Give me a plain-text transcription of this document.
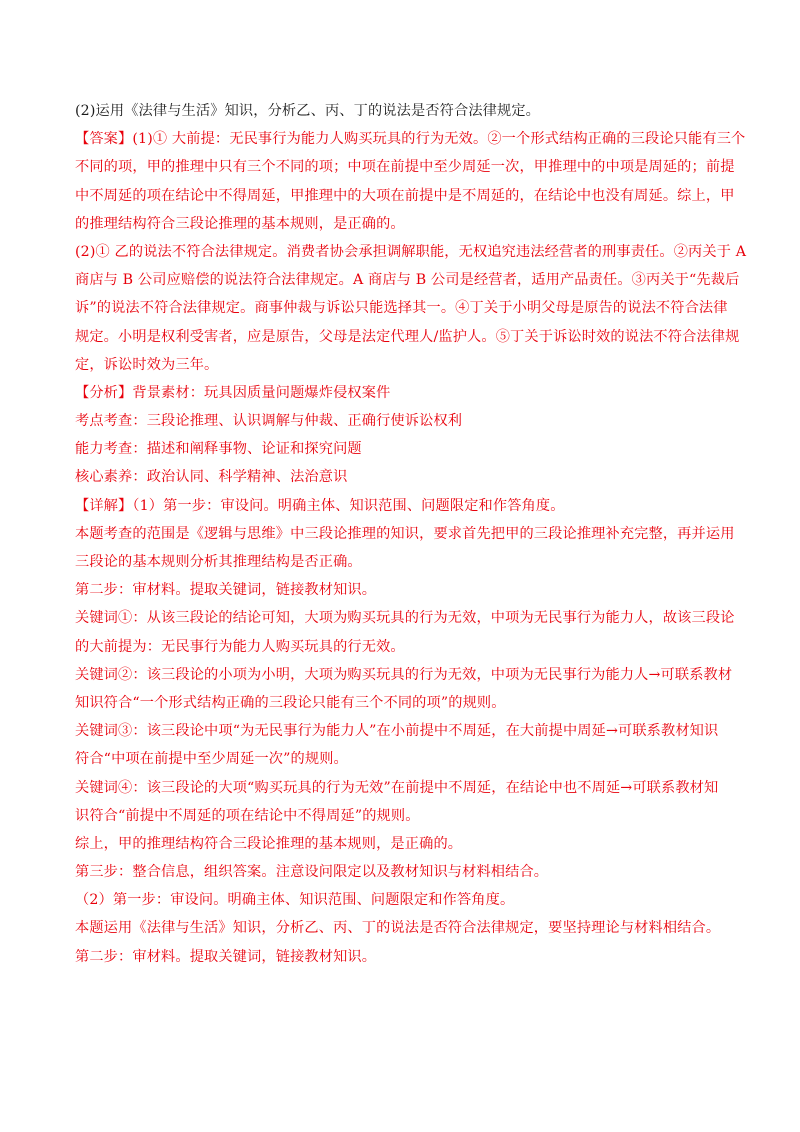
(2)运用《法律与生活》知识，分析乙、丙、丁的说法是否符合法律规定。
【答案】(1)① 大前提：无民事行为能力人购买玩具的行为无效。②一个形式结构正确的三段论只能有三个
不同的项，甲的推理中只有三个不同的项；中项在前提中至少周延一次，甲推理中的中项是周延的；前提
中不周延的项在结论中不得周延，甲推理中的大项在前提中是不周延的，在结论中也没有周延。综上，甲
的推理结构符合三段论推理的基本规则，是正确的。
(2)① 乙的说法不符合法律规定。消费者协会承担调解职能，无权追究违法经营者的刑事责任。②丙关于 A
商店与 B 公司应赔偿的说法符合法律规定。A 商店与 B 公司是经营者，适用产品责任。③丙关于“先裁后
诉”的说法不符合法律规定。商事仲裁与诉讼只能选择其一。④丁关于小明父母是原告的说法不符合法律
规定。小明是权利受害者，应是原告，父母是法定代理人/监护人。⑤丁关于诉讼时效的说法不符合法律规
定，诉讼时效为三年。
【分析】背景素材：玩具因质量问题爆炸侵权案件
考点考查：三段论推理、认识调解与仲裁、正确行使诉讼权利
能力考查：描述和阐释事物、论证和探究问题
核心素养：政治认同、科学精神、法治意识
【详解】（1）第一步：审设问。明确主体、知识范围、问题限定和作答角度。
本题考查的范围是《逻辑与思维》中三段论推理的知识，要求首先把甲的三段论推理补充完整，再并运用
三段论的基本规则分析其推理结构是否正确。
第二步：审材料。提取关键词，链接教材知识。
关键词①：从该三段论的结论可知，大项为购买玩具的行为无效，中项为无民事行为能力人，故该三段论
的大前提为：无民事行为能力人购买玩具的行无效。
关键词②：该三段论的小项为小明，大项为购买玩具的行为无效，中项为无民事行为能力人→可联系教材
知识符合“一个形式结构正确的三段论只能有三个不同的项”的规则。
关键词③：该三段论中项“为无民事行为能力人”在小前提中不周延，在大前提中周延→可联系教材知识
符合“中项在前提中至少周延一次”的规则。
关键词④：该三段论的大项“购买玩具的行为无效”在前提中不周延，在结论中也不周延→可联系教材知
识符合“前提中不周延的项在结论中不得周延”的规则。
综上，甲的推理结构符合三段论推理的基本规则，是正确的。
第三步：整合信息，组织答案。注意设问限定以及教材知识与材料相结合。
（2）第一步：审设问。明确主体、知识范围、问题限定和作答角度。
本题运用《法律与生活》知识，分析乙、丙、丁的说法是否符合法律规定，要坚持理论与材料相结合。
第二步：审材料。提取关键词，链接教材知识。
